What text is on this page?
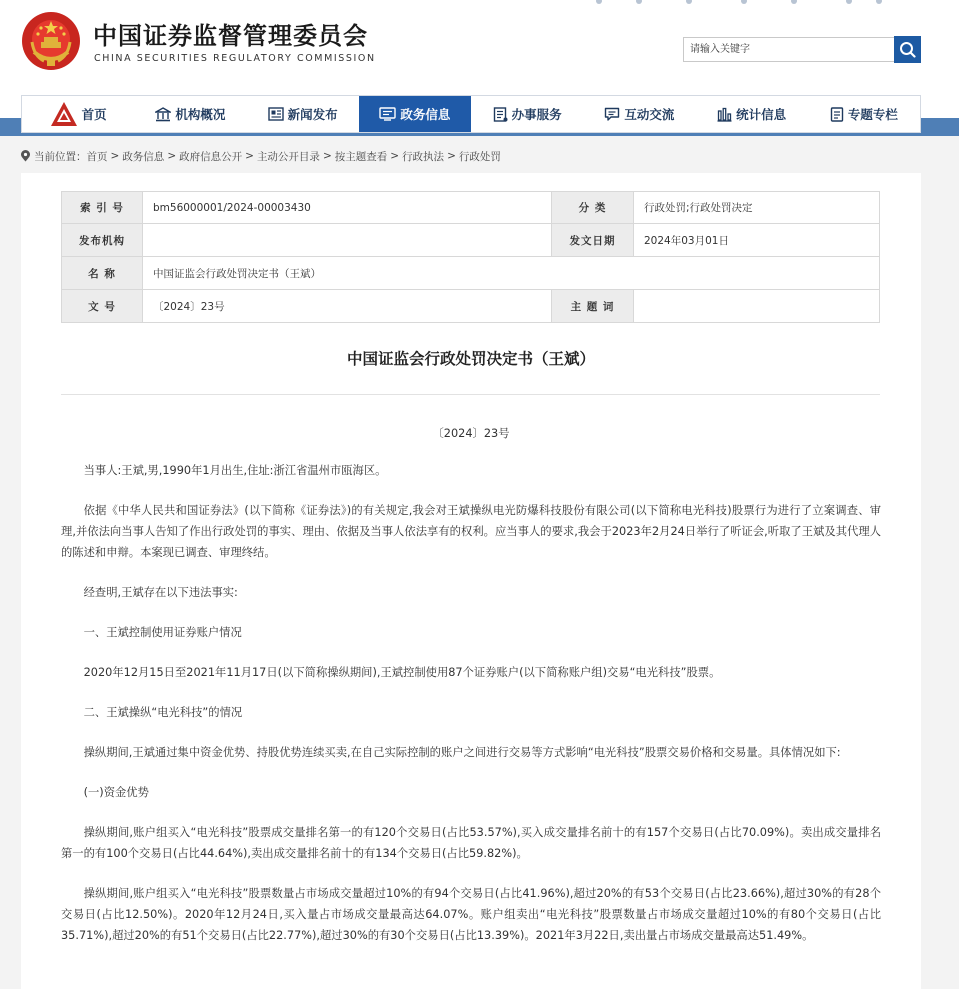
中国证券监督管理委员会
CHINA SECURITIES REGULATORY COMMISSION
请输入关键字
首页	机构概况	新闻发布	政务信息	办事服务	互动交流	统计信息	专题专栏
当前位置： 首页 > 政务信息 > 政府信息公开 > 主动公开目录 > 按主题查看 > 行政执法 > 行政处罚
索 引 号	bm56000001/2024-00003430	分 类	行政处罚;行政处罚决定
发布机构		发文日期	2024年03月01日
名 称	中国证监会行政处罚决定书（王斌）		
文 号	〔2024〕23号	主 题 词	
中国证监会行政处罚决定书（王斌）

〔2024〕23号

当事人:王斌,男,1990年1月出生,住址:浙江省温州市瓯海区。

依据《中华人民共和国证券法》(以下简称《证券法》)的有关规定,我会对王斌操纵电光防爆科技股份有限公司(以下简称电光科技)股票行为进行了立案调查、审理,并依法向当事人告知了作出行政处罚的事实、理由、依据及当事人依法享有的权利。应当事人的要求,我会于2023年2月24日举行了听证会,听取了王斌及其代理人的陈述和申辩。本案现已调查、审理终结。

经查明,王斌存在以下违法事实:

一、王斌控制使用证券账户情况

2020年12月15日至2021年11月17日(以下简称操纵期间),王斌控制使用87个证券账户(以下简称账户组)交易“电光科技”股票。

二、王斌操纵“电光科技”的情况

操纵期间,王斌通过集中资金优势、持股优势连续买卖,在自己实际控制的账户之间进行交易等方式影响“电光科技”股票交易价格和交易量。具体情况如下:

(一)资金优势

操纵期间,账户组买入“电光科技”股票成交量排名第一的有120个交易日(占比53.57%),买入成交量排名前十的有157个交易日(占比70.09%)。卖出成交量排名第一的有100个交易日(占比44.64%),卖出成交量排名前十的有134个交易日(占比59.82%)。

操纵期间,账户组买入“电光科技”股票数量占市场成交量超过10%的有94个交易日(占比41.96%),超过20%的有53个交易日(占比23.66%),超过30%的有28个交易日(占比12.50%)。2020年12月24日,买入量占市场成交量最高达64.07%。账户组卖出“电光科技”股票数量占市场成交量超过10%的有80个交易日(占比35.71%),超过20%的有51个交易日(占比22.77%),超过30%的有30个交易日(占比13.39%)。2021年3月22日,卖出量占市场成交量最高达51.49%。
